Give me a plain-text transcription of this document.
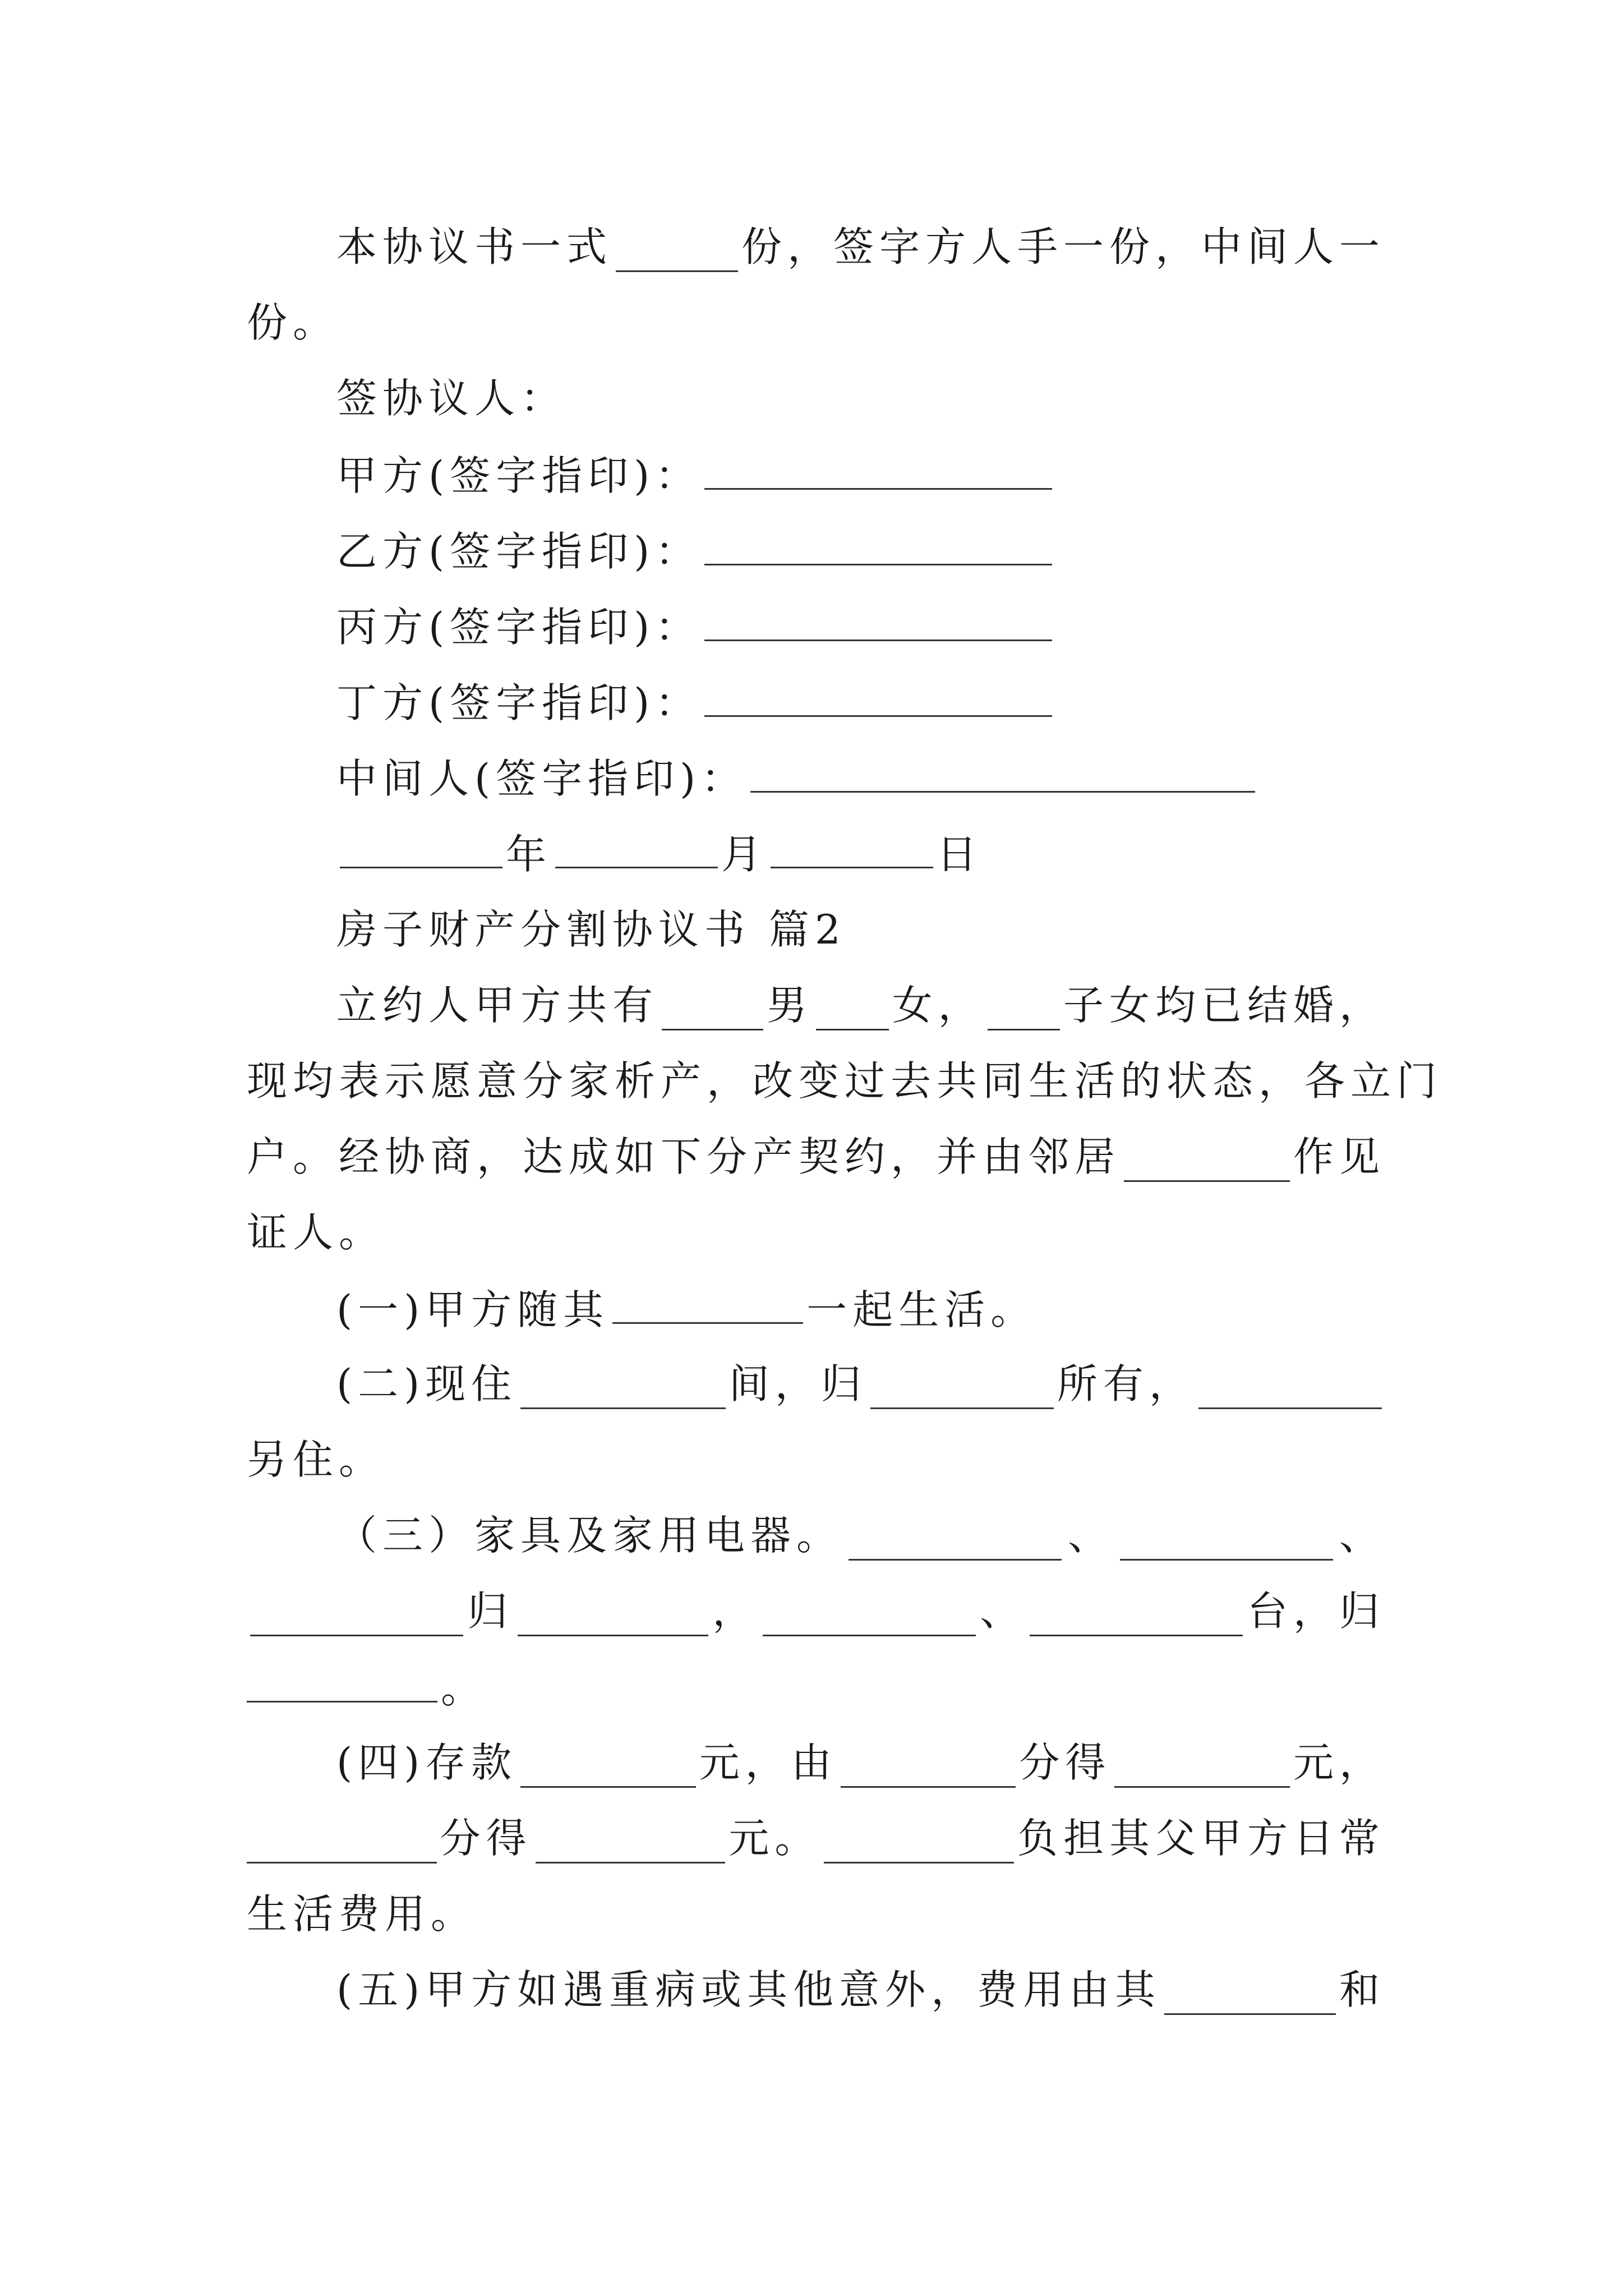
本协议书一式	份，签字方人手一份，中间人一
份。
签协议人：
甲方(签字指印)：
乙方(签字指印)：
丙方(签字指印)：
丁方(签字指印)：
中间人(签字指印)：
年	月	日
房子财产分割协议书 篇2
立约人甲方共有	男 女， 子女均已结婚，
现均表示愿意分家析产，改变过去共同生活的状态，各立门
户。经协商，达成如下分产契约，并由邻居	作见
证人。
(一)甲方随其	一起生活。
(二)现住	间，归	所有，
另住。
（三）家具及家用电器。	、	、
归	，	、	台，归
。
(四)存款	元，由	分得	元，
分得	元。	负担其父甲方日常
生活费用。
(五)甲方如遇重病或其他意外，费用由其	和
